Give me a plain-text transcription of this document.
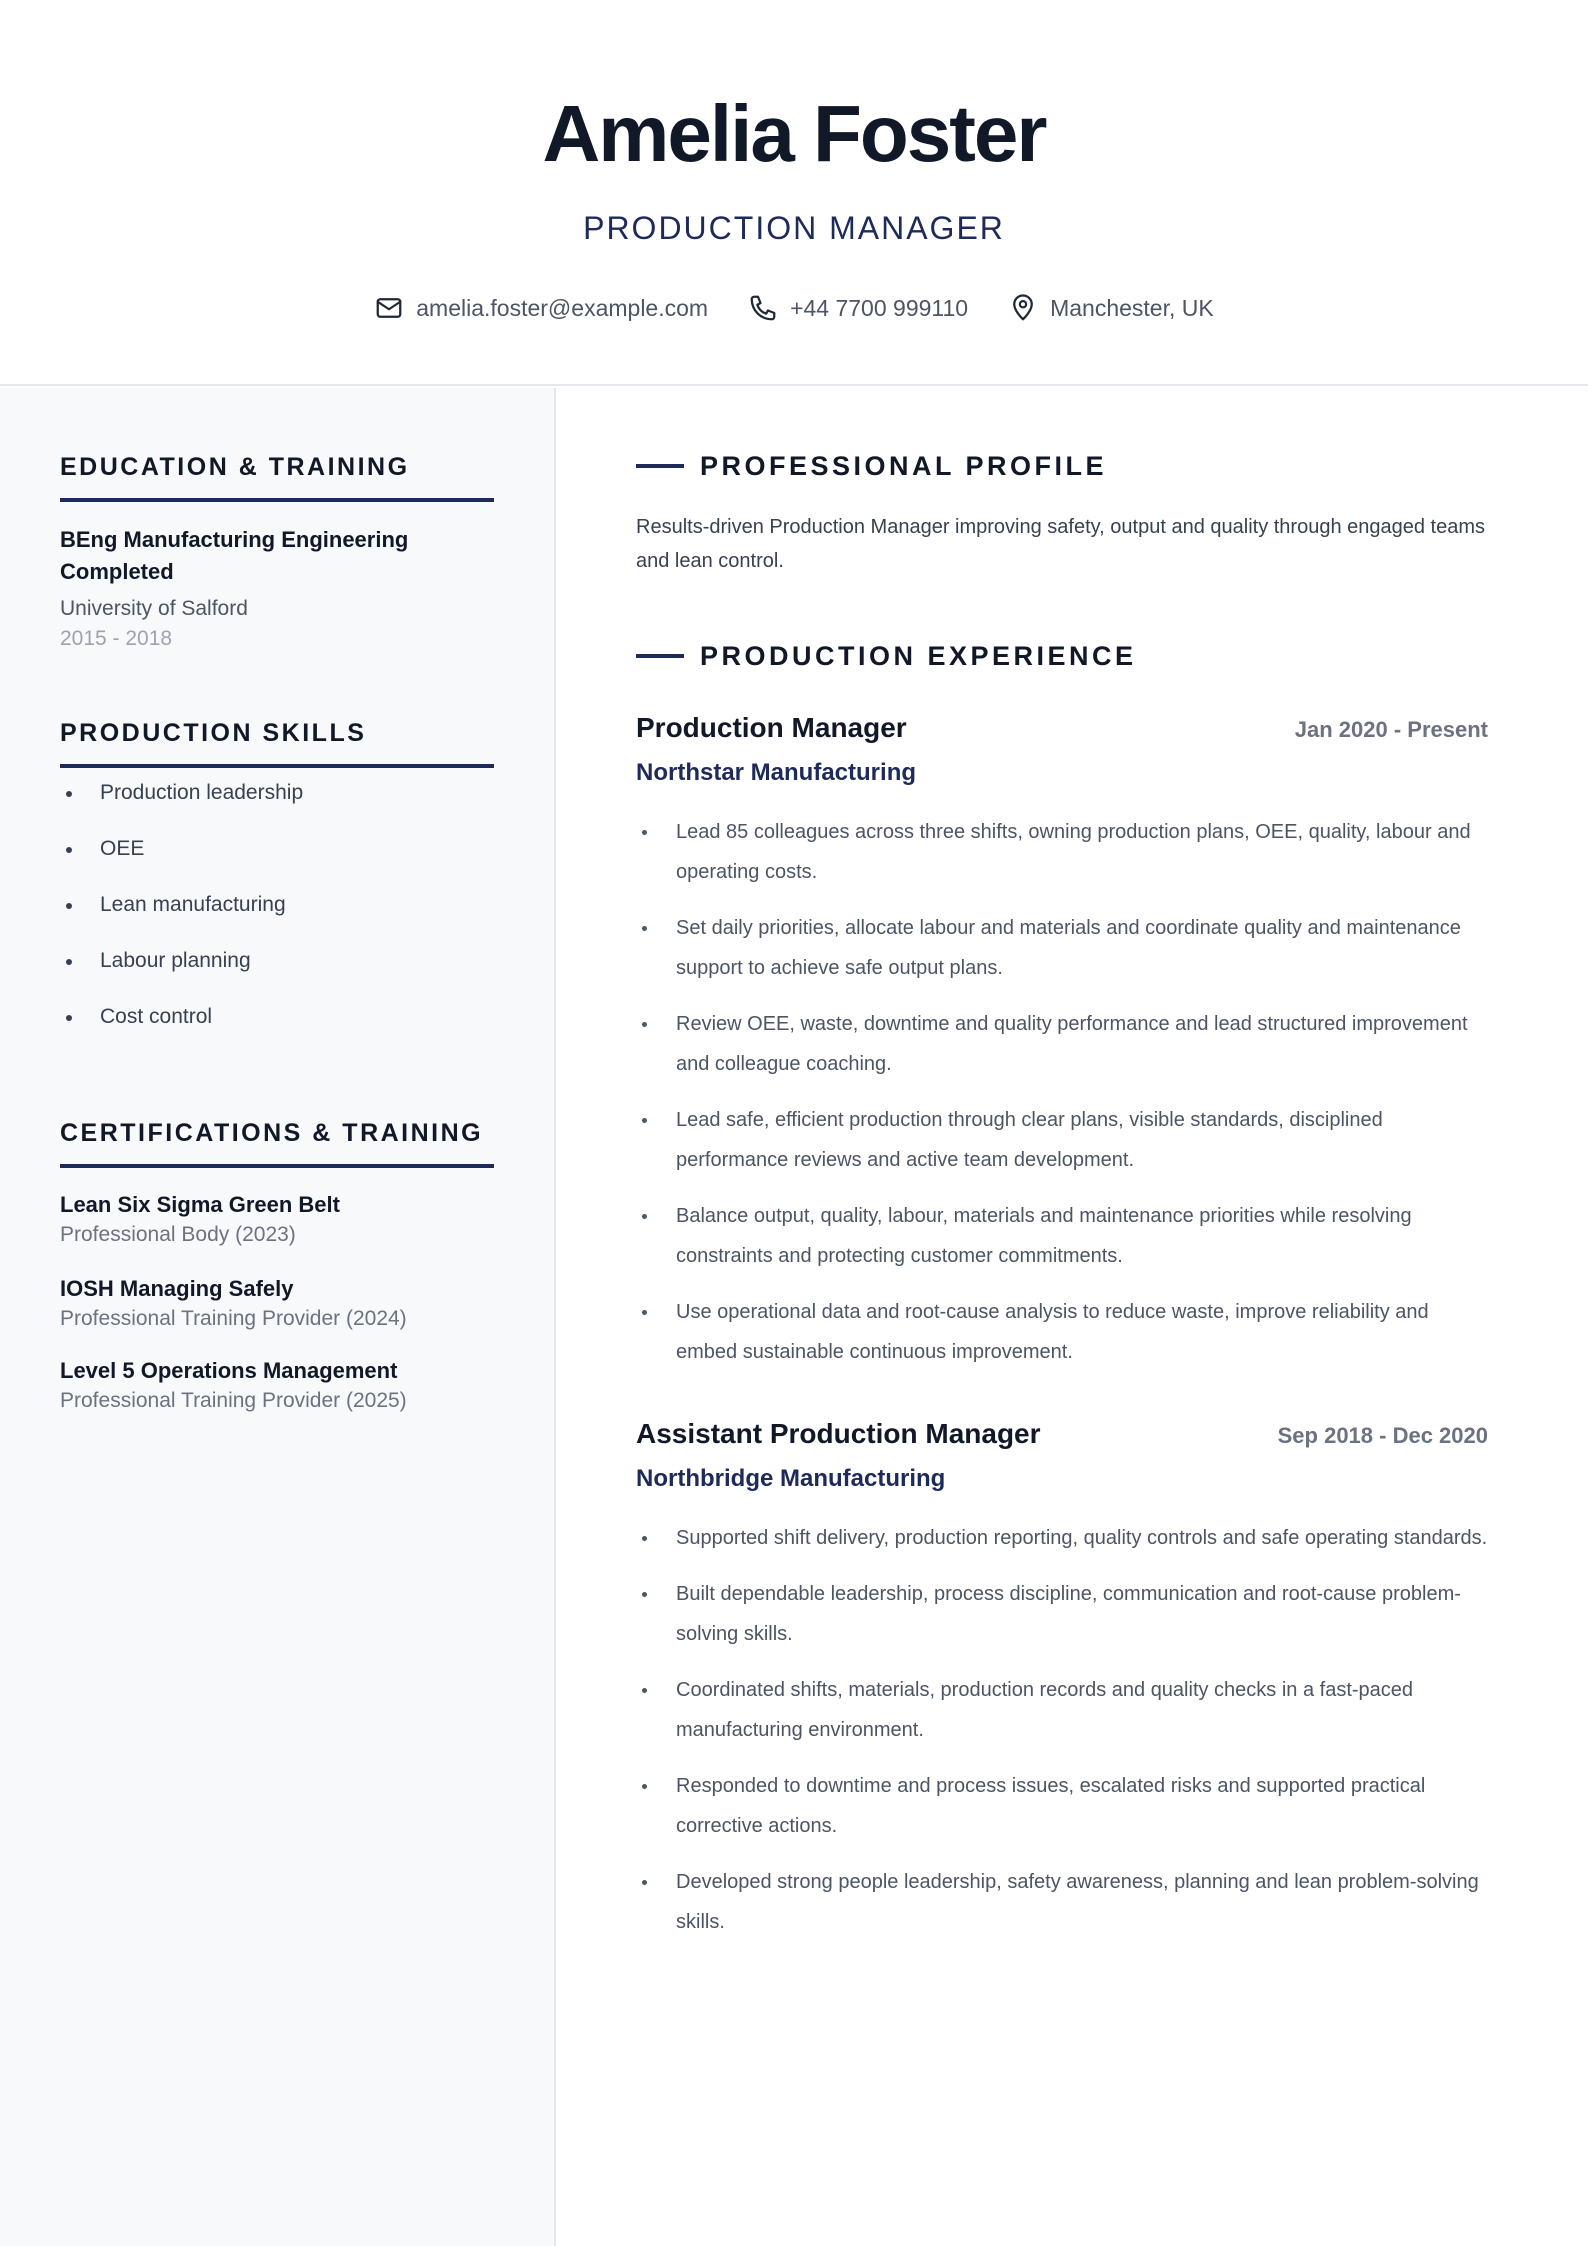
Amelia Foster
PRODUCTION MANAGER
amelia.foster@example.com	+44 7700 999110	Manchester, UK
EDUCATION & TRAINING
BEng Manufacturing Engineering Completed
University of Salford
2015 - 2018
PRODUCTION SKILLS
Production leadership
OEE
Lean manufacturing
Labour planning
Cost control
CERTIFICATIONS & TRAINING
Lean Six Sigma Green Belt
Professional Body (2023)
IOSH Managing Safely
Professional Training Provider (2024)
Level 5 Operations Management
Professional Training Provider (2025)
PROFESSIONAL PROFILE
Results-driven Production Manager improving safety, output and quality through engaged teams and lean control.
PRODUCTION EXPERIENCE
Production Manager	Jan 2020 - Present
Northstar Manufacturing
Lead 85 colleagues across three shifts, owning production plans, OEE, quality, labour and operating costs.
Set daily priorities, allocate labour and materials and coordinate quality and maintenance support to achieve safe output plans.
Review OEE, waste, downtime and quality performance and lead structured improvement and colleague coaching.
Lead safe, efficient production through clear plans, visible standards, disciplined performance reviews and active team development.
Balance output, quality, labour, materials and maintenance priorities while resolving constraints and protecting customer commitments.
Use operational data and root-cause analysis to reduce waste, improve reliability and embed sustainable continuous improvement.
Assistant Production Manager	Sep 2018 - Dec 2020
Northbridge Manufacturing
Supported shift delivery, production reporting, quality controls and safe operating standards.
Built dependable leadership, process discipline, communication and root-cause problem-solving skills.
Coordinated shifts, materials, production records and quality checks in a fast-paced manufacturing environment.
Responded to downtime and process issues, escalated risks and supported practical corrective actions.
Developed strong people leadership, safety awareness, planning and lean problem-solving skills.
